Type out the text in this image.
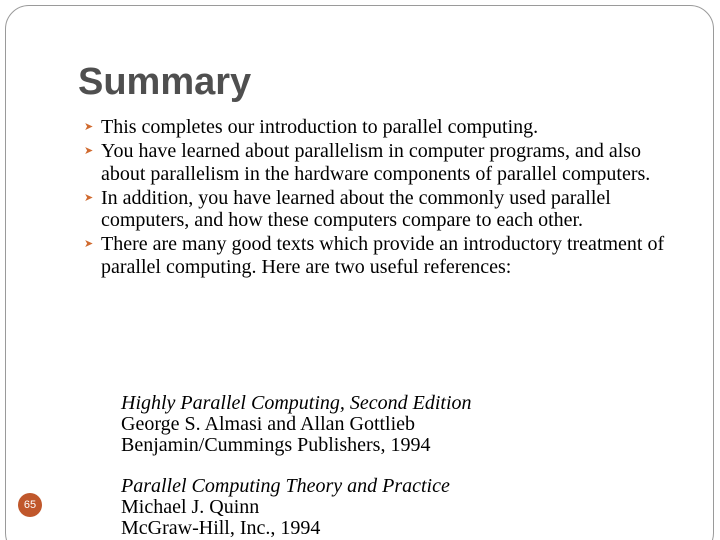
Summary
➤ This completes our introduction to parallel computing.
➤ You have learned about parallelism in computer programs, and also about parallelism in the hardware components of parallel computers.
➤ In addition, you have learned about the commonly used parallel computers, and how these computers compare to each other.
➤ There are many good texts which provide an introductory treatment of parallel computing. Here are two useful references:
Highly Parallel Computing, Second Edition
George S. Almasi and Allan Gottlieb
Benjamin/Cummings Publishers, 1994
Parallel Computing Theory and Practice
Michael J. Quinn
McGraw-Hill, Inc., 1994
65
